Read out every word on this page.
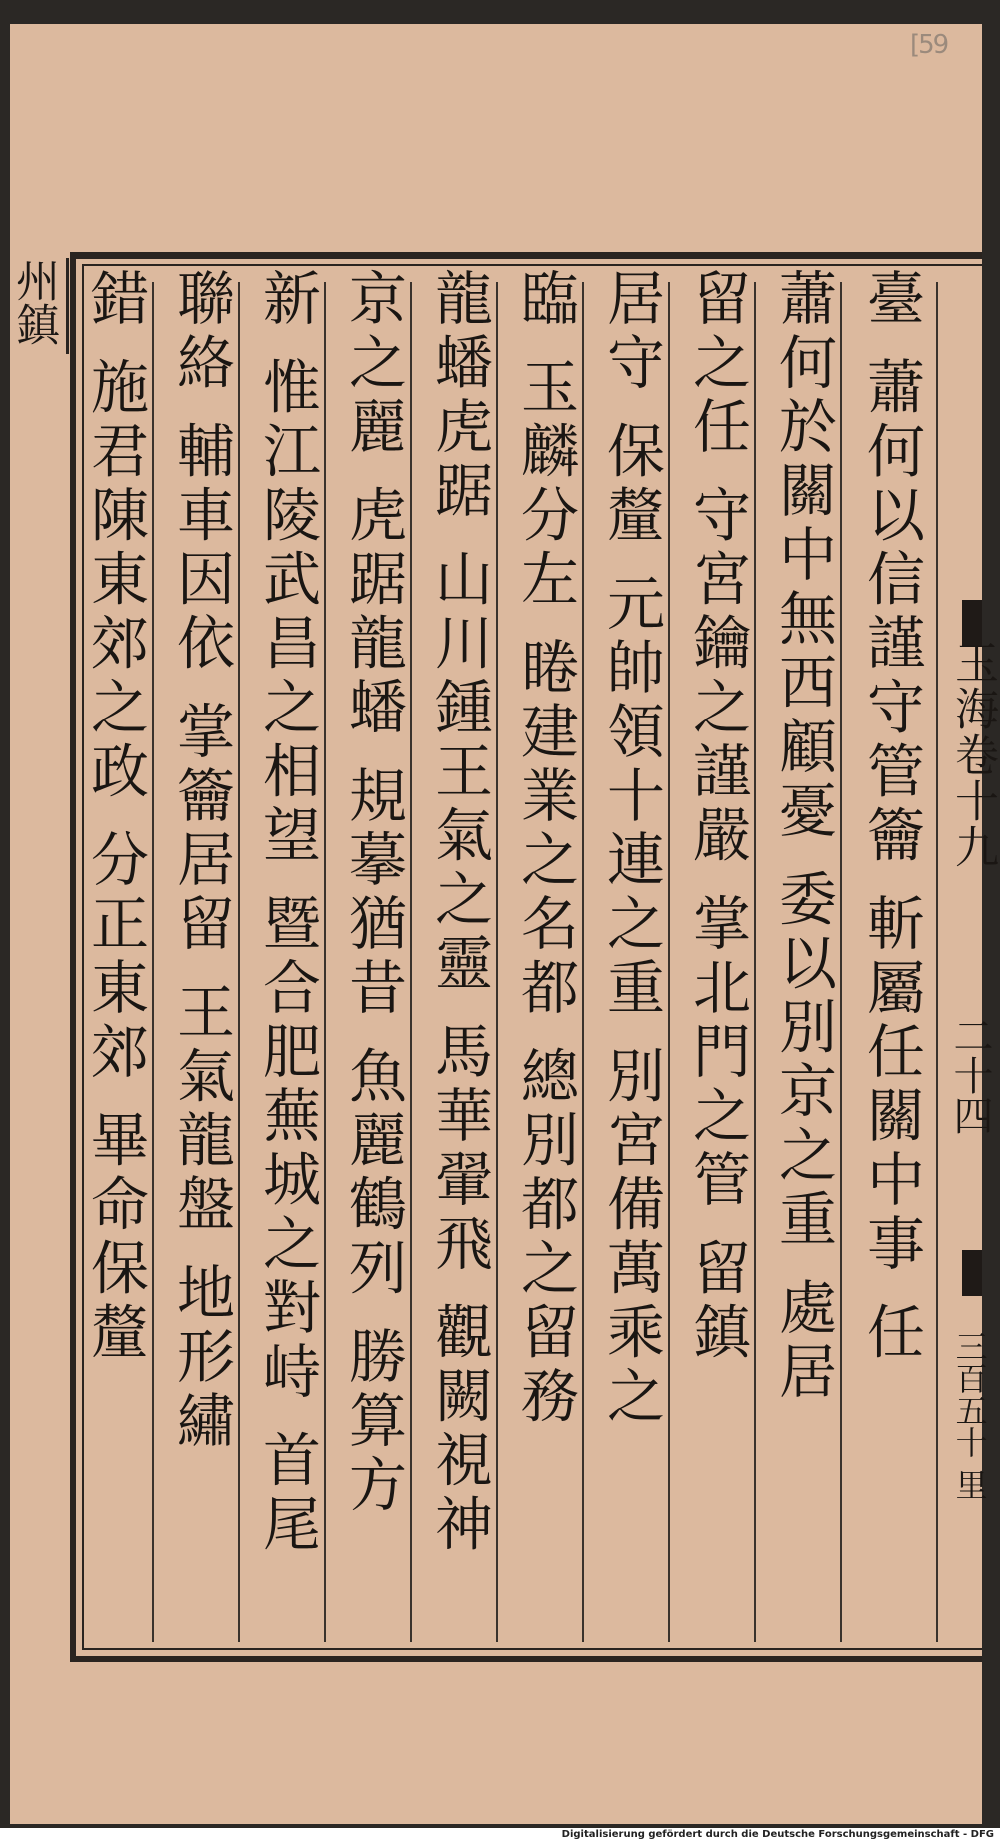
[59
州鎮	臺 蕭何以信謹守管籥 斬屬任關中事 任
蕭何於關中無西顧憂 委以別京之重 處居
留之任 守宮鑰之謹嚴 掌北門之管 留鎮
居守 保釐 元帥領十連之重 別宮備萬乘之
臨 玉麟分左 睠建業之名都 總別都之留務
龍蟠虎踞 山川鍾王氣之靈 馬華翬飛 觀闕視神
京之麗 虎踞龍蟠 規摹猶昔 魚麗鶴列 勝算方
新 惟江陵武昌之相望 暨合肥蕪城之對峙 首尾
聯絡 輔車因依 掌籥居留 王氣龍盤 地形繡
錯 施君陳東郊之政 分正東郊 畢命保釐	玉海卷十九
二十四
三百五十 里
Digitalisierung gefördert durch die Deutsche Forschungsgemeinschaft - DFG
